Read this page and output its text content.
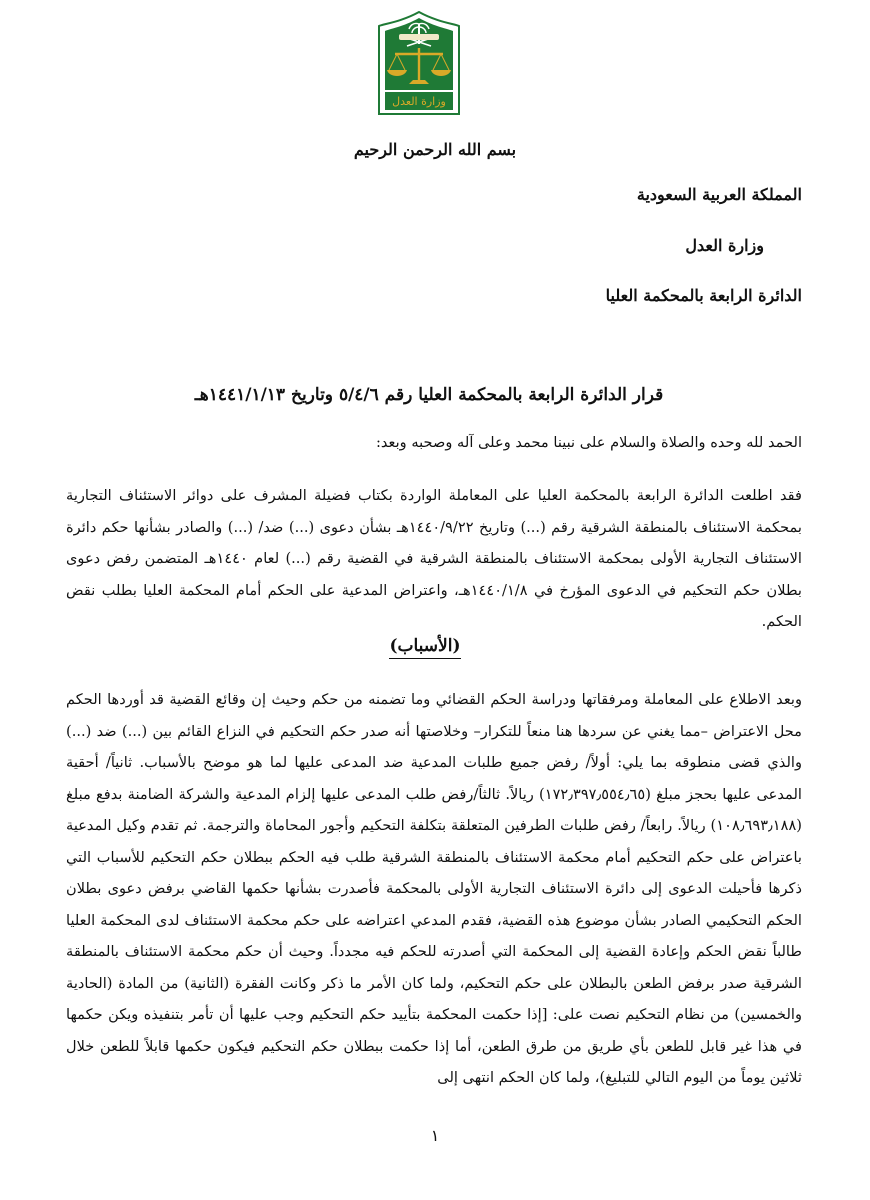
وزارة العدل
بسم الله الرحمن الرحيم
المملكة العربية السعودية
وزارة العدل
الدائرة الرابعة بالمحكمة العليا
قرار الدائرة الرابعة بالمحكمة العليا رقم ٥/٤/٦ وتاريخ ١٤٤١/١/١٣هـ
الحمد لله وحده والصلاة والسلام على نبينا محمد وعلى آله وصحبه وبعد:
فقد اطلعت الدائرة الرابعة بالمحكمة العليا على المعاملة الواردة بكتاب فضيلة المشرف على دوائر الاستئناف التجارية بمحكمة الاستئناف بالمنطقة الشرقية رقم (...) وتاريخ ١٤٤٠/٩/٢٢هـ بشأن دعوى (...) ضد/ (...) والصادر بشأنها حكم دائرة الاستئناف التجارية الأولى بمحكمة الاستئناف بالمنطقة الشرقية في القضية رقم (...) لعام ١٤٤٠هـ المتضمن رفض دعوى بطلان حكم التحكيم في الدعوى المؤرخ في ١٤٤٠/١/٨هـ، واعتراض المدعية على الحكم أمام المحكمة العليا بطلب نقض الحكم.
(الأسباب)
وبعد الاطلاع على المعاملة ومرفقاتها ودراسة الحكم القضائي وما تضمنه من حكم وحيث إن وقائع القضية قد أوردها الحكم محل الاعتراض –مما يغني عن سردها هنا منعاً للتكرار– وخلاصتها أنه صدر حكم التحكيم في النزاع القائم بين (...) ضد (...) والذي قضى منطوقه بما يلي: أولاً/ رفض جميع طلبات المدعية ضد المدعى عليها لما هو موضح بالأسباب. ثانياً/ أحقية المدعى عليها بحجز مبلغ (١٧٢٫٣٩٧٫٥٥٤٫٦٥) ريالاً. ثالثاً/رفض طلب المدعى عليها إلزام المدعية والشركة الضامنة بدفع مبلغ (١٠٨٫٦٩٣٫١٨٨) ريالاً. رابعاً/ رفض طلبات الطرفين المتعلقة بتكلفة التحكيم وأجور المحاماة والترجمة. ثم تقدم وكيل المدعية باعتراض على حكم التحكيم أمام محكمة الاستئناف بالمنطقة الشرقية طلب فيه الحكم ببطلان حكم التحكيم للأسباب التي ذكرها فأحيلت الدعوى إلى دائرة الاستئناف التجارية الأولى بالمحكمة فأصدرت بشأنها حكمها القاضي برفض دعوى بطلان الحكم التحكيمي الصادر بشأن موضوع هذه القضية، فقدم المدعي اعتراضه على حكم محكمة الاستئناف لدى المحكمة العليا طالباً نقض الحكم وإعادة القضية إلى المحكمة التي أصدرته للحكم فيه مجدداً. وحيث أن حكم محكمة الاستئناف بالمنطقة الشرقية صدر برفض الطعن بالبطلان على حكم التحكيم، ولما كان الأمر ما ذكر وكانت الفقرة (الثانية) من المادة (الحادية والخمسين) من نظام التحكيم نصت على: [إذا حكمت المحكمة بتأييد حكم التحكيم وجب عليها أن تأمر بتنفيذه ويكن حكمها في هذا غير قابل للطعن بأي طريق من طرق الطعن، أما إذا حكمت ببطلان حكم التحكيم فيكون حكمها قابلاً للطعن خلال ثلاثين يوماً من اليوم التالي للتبليغ)، ولما كان الحكم انتهى إلى
١
